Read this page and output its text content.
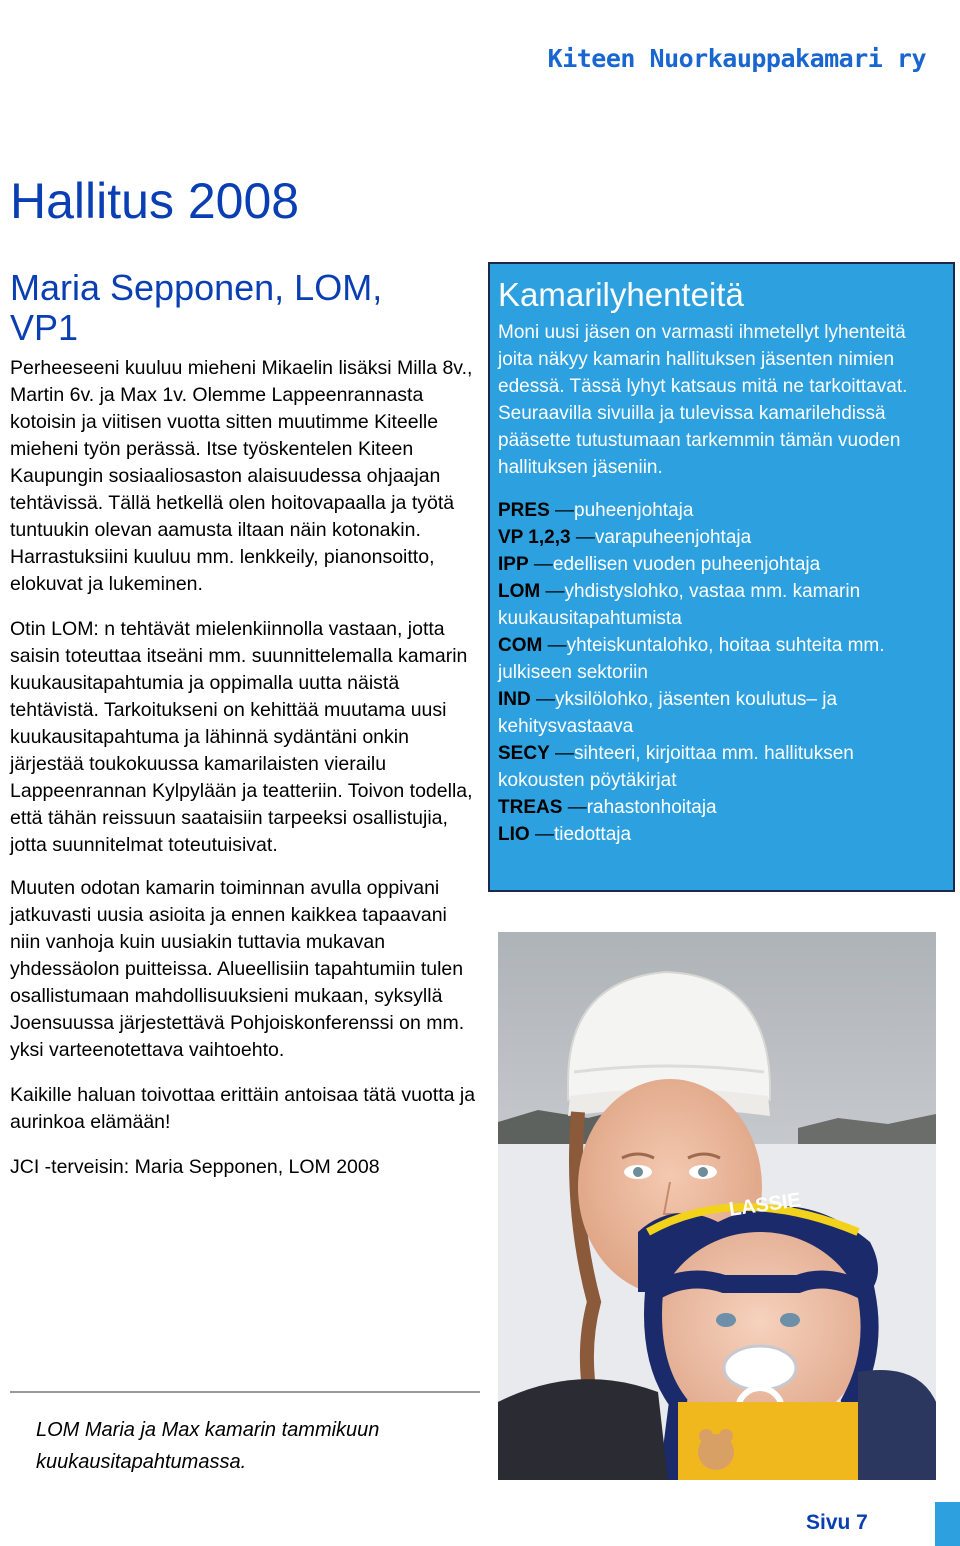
Kiteen Nuorkauppakamari ry
Hallitus 2008
Maria Sepponen, LOM,
VP1

Perheeseeni kuuluu mieheni Mikaelin lisäksi Milla 8v., Martin 6v. ja Max 1v. Olemme Lappeenrannasta kotoisin ja viitisen vuotta sitten muutimme Kiteelle mieheni työn perässä. Itse työskentelen Kiteen Kaupungin sosiaaliosaston alaisuudessa ohjaajan tehtävissä. Tällä hetkellä olen hoitovapaalla ja työtä tuntuukin olevan aamusta iltaan näin kotonakin. Harrastuksiini kuuluu mm. lenkkeily, pianonsoitto, elokuvat ja lukeminen.

Otin LOM: n tehtävät mielenkiinnolla vastaan, jotta saisin toteuttaa itseäni mm. suunnittelemalla kamarin kuukausitapahtumia ja oppimalla uutta näistä tehtävistä. Tarkoitukseni on kehittää muutama uusi kuukausitapahtuma ja lähinnä sydäntäni onkin järjestää toukokuussa kamarilaisten vierailu Lappeenrannan Kylpylään ja teatteriin. Toivon todella, että tähän reissuun saataisiin tarpeeksi osallistujia, jotta suunnitelmat toteutuisivat.

Muuten odotan kamarin toiminnan avulla oppivani jatkuvasti uusia asioita ja ennen kaikkea tapaavani niin vanhoja kuin uusiakin tuttavia mukavan yhdessäolon puitteissa. Alueellisiin tapahtumiin tulen osallistumaan mahdollisuuksieni mukaan, syksyllä Joensuussa järjestettävä Pohjoiskonferenssi on mm. yksi varteenotettava vaihtoehto.

Kaikille haluan toivottaa erittäin antoisaa tätä vuotta ja aurinkoa elämään!

JCI -terveisin: Maria Sepponen, LOM 2008

Kamarilyhenteitä

Moni uusi jäsen on varmasti ihmetellyt lyhenteitä joita näkyy kamarin hallituksen jäsenten nimien edessä. Tässä lyhyt katsaus mitä ne tarkoittavat. Seuraavilla sivuilla ja tulevissa kamarilehdissä pääsette tutustumaan tarkemmin tämän vuoden hallituksen jäseniin.

PRES —puheenjohtaja
VP 1,2,3 —varapuheenjohtaja
IPP —edellisen vuoden puheenjohtaja
LOM —yhdistyslohko, vastaa mm. kamarin kuukausitapahtumista
COM —yhteiskuntalohko, hoitaa suhteita mm. julkiseen sektoriin
IND —yksilölohko, jäsenten koulutus– ja kehitysvastaava
SECY —sihteeri, kirjoittaa mm. hallituksen kokousten pöytäkirjat
TREAS —rahastonhoitaja
LIO —tiedottaja
LASSIE
LOM Maria ja Max kamarin tammikuun
kuukausitapahtumassa.
Sivu 7
